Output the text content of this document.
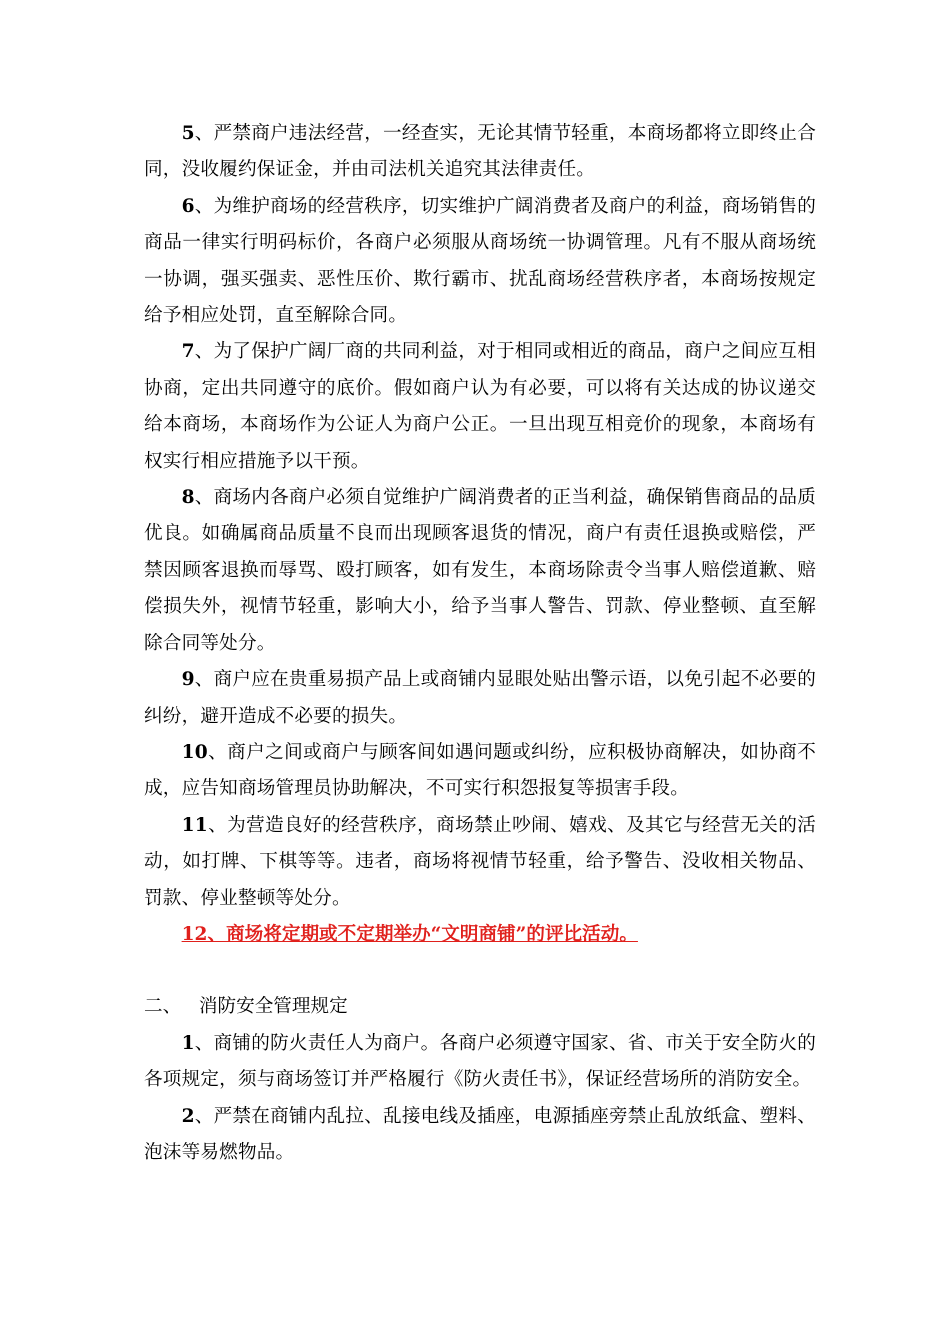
5、严禁商户违法经营，一经查实，无论其情节轻重，本商场都将立即终止合同，没收履约保证金，并由司法机关追究其法律责任。

6、为维护商场的经营秩序，切实维护广阔消费者及商户的利益，商场销售的商品一律实行明码标价，各商户必须服从商场统一协调管理。凡有不服从商场统一协调，强买强卖、恶性压价、欺行霸市、扰乱商场经营秩序者，本商场按规定给予相应处罚，直至解除合同。

7、为了保护广阔厂商的共同利益，对于相同或相近的商品，商户之间应互相协商，定出共同遵守的底价。假如商户认为有必要，可以将有关达成的协议递交给本商场，本商场作为公证人为商户公正。一旦出现互相竞价的现象，本商场有权实行相应措施予以干预。

8、商场内各商户必须自觉维护广阔消费者的正当利益，确保销售商品的品质优良。如确属商品质量不良而出现顾客退货的情况，商户有责任退换或赔偿，严禁因顾客退换而辱骂、殴打顾客，如有发生，本商场除责令当事人赔偿道歉、赔偿损失外，视情节轻重，影响大小，给予当事人警告、罚款、停业整顿、直至解除合同等处分。

9、商户应在贵重易损产品上或商铺内显眼处贴出警示语，以免引起不必要的纠纷，避开造成不必要的损失。

10、商户之间或商户与顾客间如遇问题或纠纷，应积极协商解决，如协商不成，应告知商场管理员协助解决，不可实行积怨报复等损害手段。

11、为营造良好的经营秩序，商场禁止吵闹、嬉戏、及其它与经营无关的活动，如打牌、下棋等等。违者，商场将视情节轻重，给予警告、没收相关物品、罚款、停业整顿等处分。

12、商场将定期或不定期举办“文明商铺”的评比活动。

二、   消防安全管理规定

1、商铺的防火责任人为商户。各商户必须遵守国家、省、市关于安全防火的各项规定，须与商场签订并严格履行《防火责任书》，保证经营场所的消防安全。

2、严禁在商铺内乱拉、乱接电线及插座，电源插座旁禁止乱放纸盒、塑料、泡沫等易燃物品。
